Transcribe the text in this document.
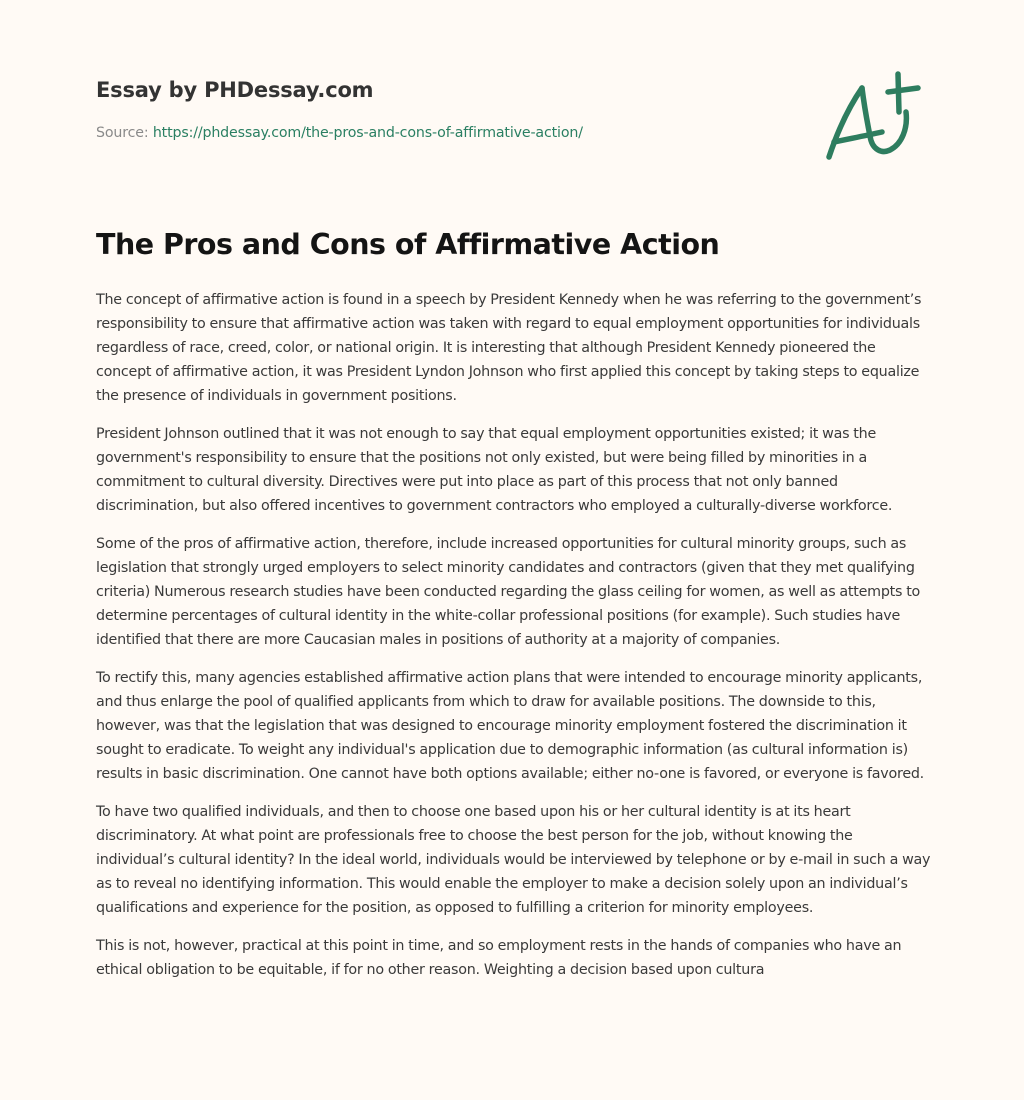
Essay by PHDessay.com
Source: https://phdessay.com/the-pros-and-cons-of-affirmative-action/
The Pros and Cons of Affirmative Action

The concept of affirmative action is found in a speech by President Kennedy when he was referring to the government’s responsibility to ensure that affirmative action was taken with regard to equal employment opportunities for individuals regardless of race, creed, color, or national origin. It is interesting that although President Kennedy pioneered the concept of affirmative action, it was President Lyndon Johnson who first applied this concept by taking steps to equalize the presence of individuals in government positions.

President Johnson outlined that it was not enough to say that equal employment opportunities existed; it was the government's responsibility to ensure that the positions not only existed, but were being filled by minorities in a commitment to cultural diversity. Directives were put into place as part of this process that not only banned discrimination, but also offered incentives to government contractors who employed a culturally-diverse workforce.

Some of the pros of affirmative action, therefore, include increased opportunities for cultural minority groups, such as legislation that strongly urged employers to select minority candidates and contractors (given that they met qualifying criteria) Numerous research studies have been conducted regarding the glass ceiling for women, as well as attempts to determine percentages of cultural identity in the white-collar professional positions (for example). Such studies have identified that there are more Caucasian males in positions of authority at a majority of companies.

To rectify this, many agencies established affirmative action plans that were intended to encourage minority applicants, and thus enlarge the pool of qualified applicants from which to draw for available positions. The downside to this, however, was that the legislation that was designed to encourage minority employment fostered the discrimination it sought to eradicate. To weight any individual's application due to demographic information (as cultural information is) results in basic discrimination. One cannot have both options available; either no-one is favored, or everyone is favored.

To have two qualified individuals, and then to choose one based upon his or her cultural identity is at its heart discriminatory. At what point are professionals free to choose the best person for the job, without knowing the individual’s cultural identity? In the ideal world, individuals would be interviewed by telephone or by e-mail in such a way as to reveal no identifying information. This would enable the employer to make a decision solely upon an individual’s qualifications and experience for the position, as opposed to fulfilling a criterion for minority employees.

This is not, however, practical at this point in time, and so employment rests in the hands of companies who have an ethical obligation to be equitable, if for no other reason. Weighting a decision based upon cultura
